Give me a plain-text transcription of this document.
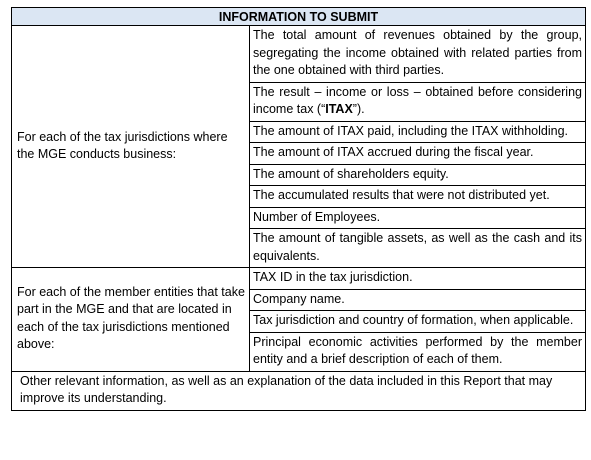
INFORMATION TO SUBMIT	
For each of the tax jurisdictions where the MGE conducts business:	The total amount of revenues obtained by the group, segregating the income obtained with related parties from the one obtained with third parties.
	The result – income or loss – obtained before considering income tax (“ITAX”).
	The amount of ITAX paid, including the ITAX withholding.
	The amount of ITAX accrued during the fiscal year.
	The amount of shareholders equity.
	The accumulated results that were not distributed yet.
	Number of Employees.
	The amount of tangible assets, as well as the cash and its equivalents.
For each of the member entities that take part in the MGE and that are located in each of the tax jurisdictions mentioned above:	TAX ID in the tax jurisdiction.
	Company name.
	Tax jurisdiction and country of formation, when applicable.
	Principal economic activities performed by the member entity and a brief description of each of them.
Other relevant information, as well as an explanation of the data included in this Report that may improve its understanding.	
